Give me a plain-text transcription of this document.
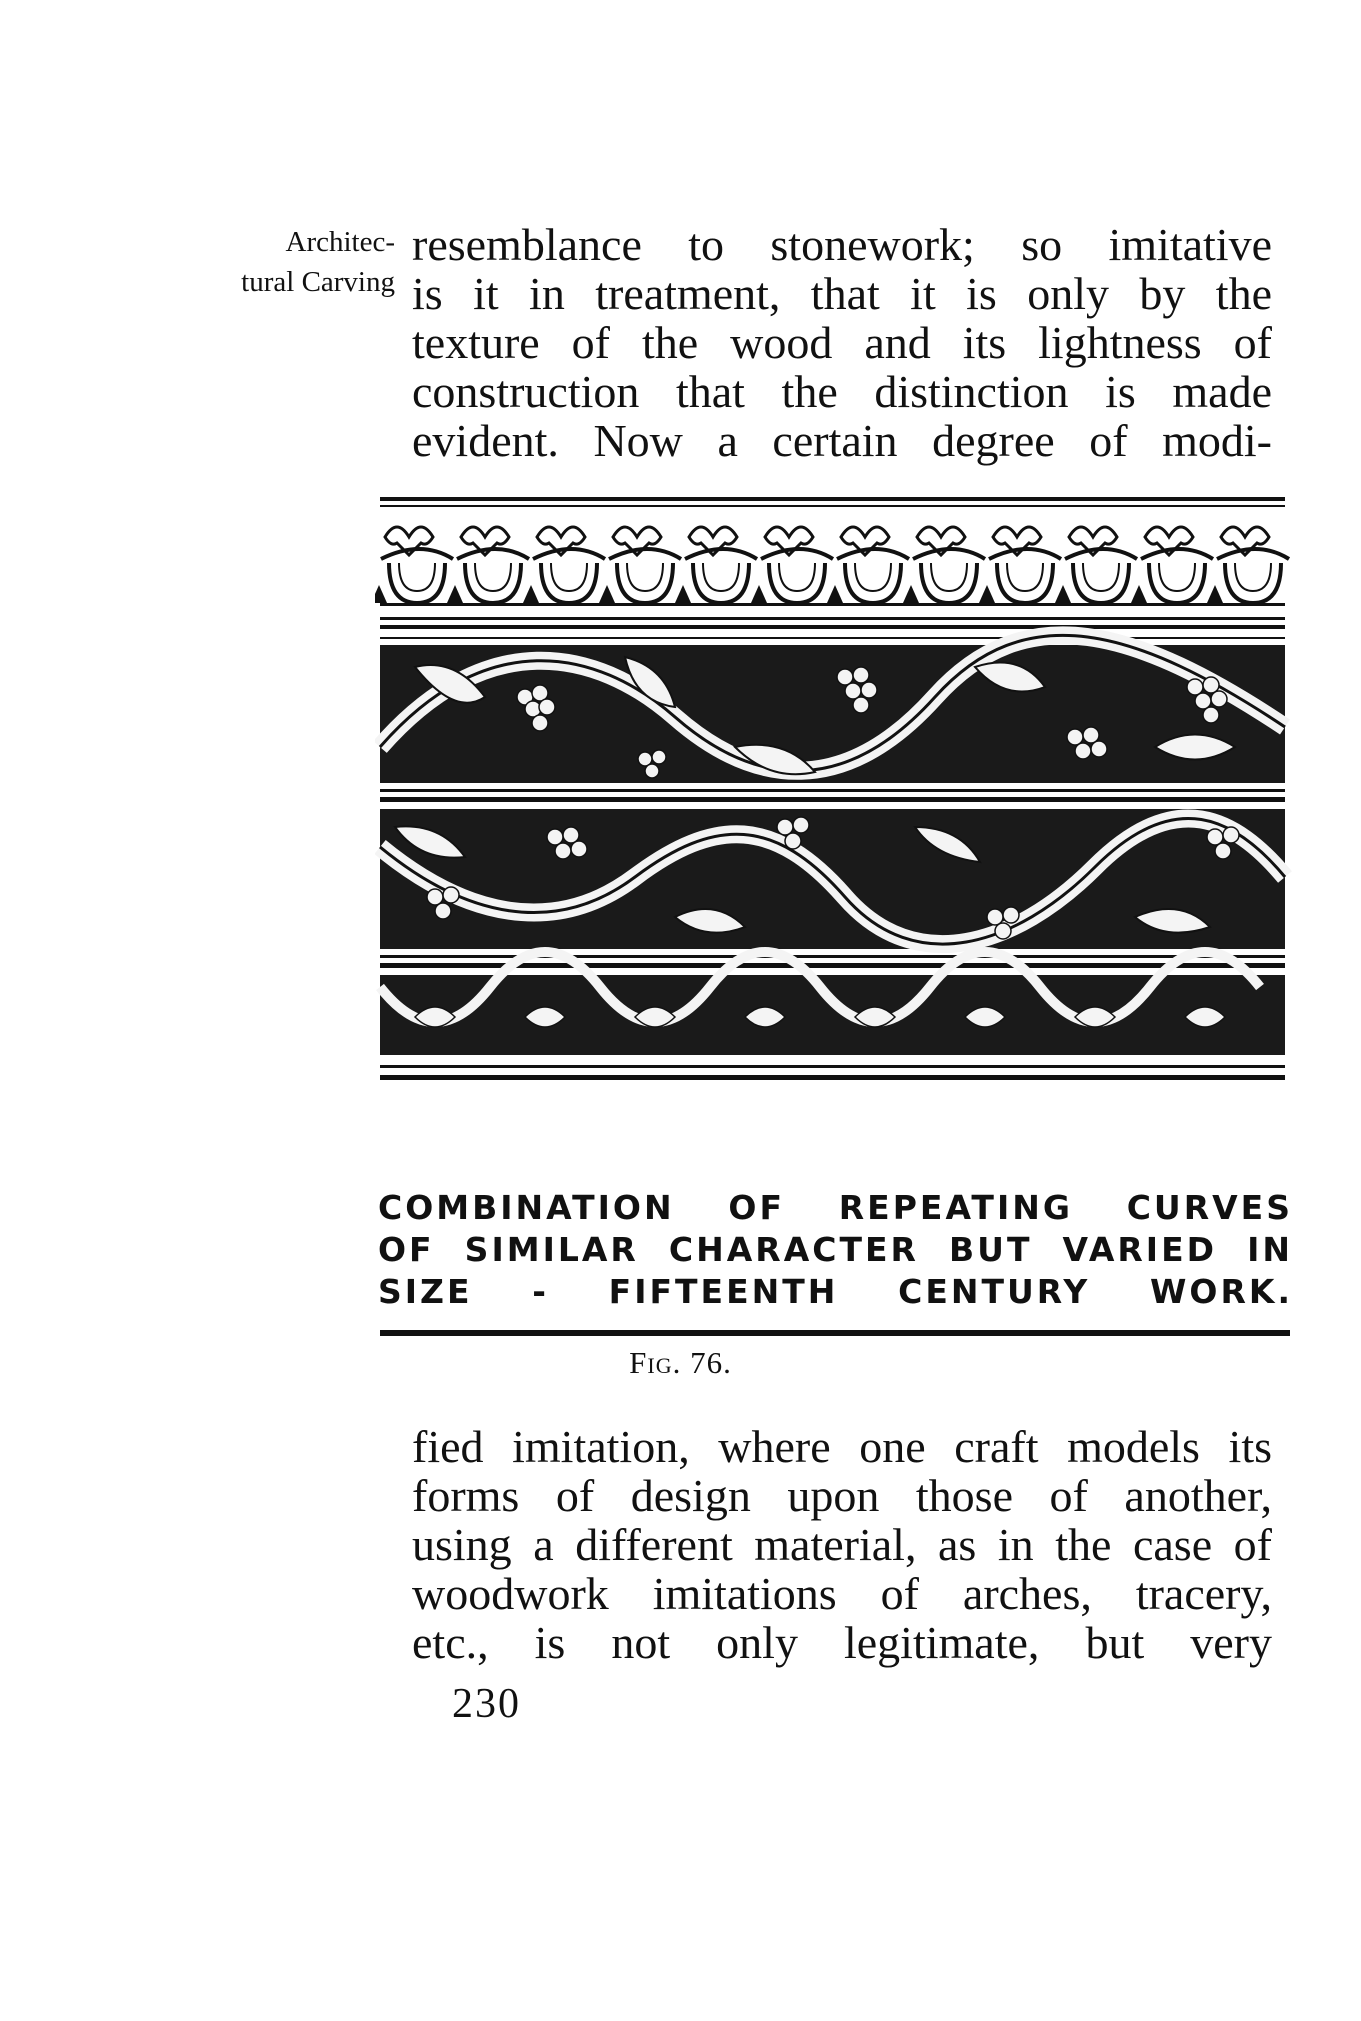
Architec-
tural Carving
resemblance to stonework; so imitative
is it in treatment, that it is only by the
texture of the wood and its lightness of
construction that the distinction is made
evident. Now a certain degree of modi-
COMBINATION OF REPEATING CURVES
OF SIMILAR CHARACTER BUT VARIED IN
SIZE - FIFTEENTH CENTURY WORK.
Fig. 76.
fied imitation, where one craft models its
forms of design upon those of another,
using a different material, as in the case of
woodwork imitations of arches, tracery,
etc., is not only legitimate, but very
230
